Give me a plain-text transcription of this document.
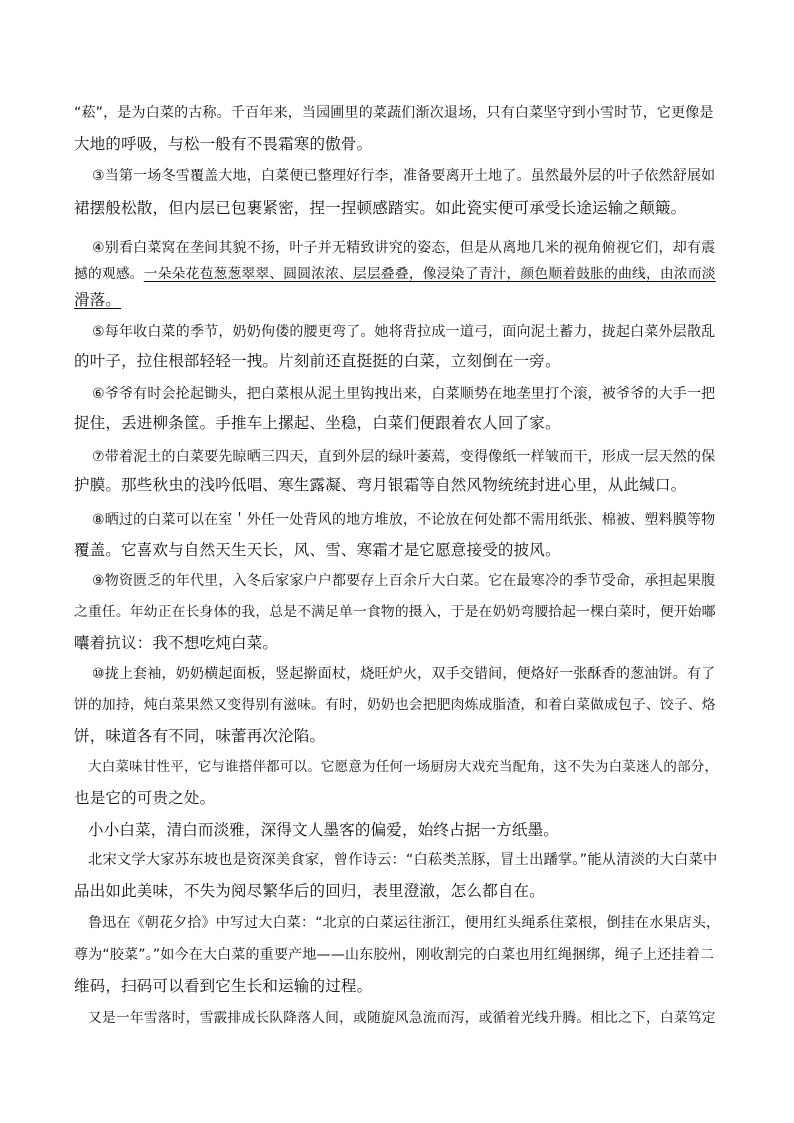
“菘”，是为白菜的古称。千百年来，当园圃里的菜蔬们渐次退场，只有白菜坚守到小雪时节，它更像是
大地的呼吸，与松一般有不畏霜寒的傲骨。
③当第一场冬雪覆盖大地，白菜便已整理好行李，准备要离开土地了。虽然最外层的叶子依然舒展如
裙摆般松散，但内层已包裹紧密，捏一捏顿感踏实。如此瓷实便可承受长途运输之颠簸。
④别看白菜窝在垄间其貌不扬，叶子并无精致讲究的姿态，但是从离地几米的视角俯视它们，却有震
撼的观感。一朵朵花苞葱葱翠翠、圆圆浓浓、层层叠叠，像浸染了青汁，颜色顺着鼓胀的曲线，由浓而淡
滑落。
⑤每年收白菜的季节，奶奶佝偻的腰更弯了。她将背拉成一道弓，面向泥土蓄力，拢起白菜外层散乱
的叶子，拉住根部轻轻一拽。片刻前还直挺挺的白菜，立刻倒在一旁。
⑥爷爷有时会抡起锄头，把白菜根从泥土里钩拽出来，白菜顺势在地垄里打个滚，被爷爷的大手一把
捉住，丢进柳条筐。手推车上摞起、坐稳，白菜们便跟着农人回了家。
⑦带着泥土的白菜要先晾晒三四天，直到外层的绿叶萎蔫，变得像纸一样皱而干，形成一层天然的保
护膜。那些秋虫的浅吟低唱、寒生露凝、弯月银霜等自然风物统统封进心里，从此缄口。
⑧晒过的白菜可以在室＇外任一处背风的地方堆放，不论放在何处都不需用纸张、棉被、塑料膜等物
覆盖。它喜欢与自然天生天长，风、雪、寒霜才是它愿意接受的披风。
⑨物资匮乏的年代里，入冬后家家户户都要存上百余斤大白菜。它在最寒冷的季节受命，承担起果腹
之重任。年幼正在长身体的我，总是不满足单一食物的摄入，于是在奶奶弯腰拾起一棵白菜时，便开始嘟
囔着抗议：我不想吃炖白菜。
⑩拢上套袖，奶奶横起面板，竖起擀面杖，烧旺炉火，双手交错间，便烙好一张酥香的葱油饼。有了
饼的加持，炖白菜果然又变得别有滋味。有时，奶奶也会把肥肉炼成脂渣，和着白菜做成包子、饺子、烙
饼，味道各有不同，味蕾再次沦陷。
大白菜味甘性平，它与谁搭伴都可以。它愿意为任何一场厨房大戏充当配角，这不失为白菜迷人的部分，
也是它的可贵之处。
小小白菜，清白而淡雅，深得文人墨客的偏爱，始终占据一方纸墨。
北宋文学大家苏东坡也是资深美食家，曾作诗云：“白菘类羔豚，冒土出蹯掌。”能从清淡的大白菜中
品出如此美味，不失为阅尽繁华后的回归，表里澄澈，怎么都自在。
鲁迅在《朝花夕拾》中写过大白菜：“北京的白菜运往浙江，便用红头绳系住菜根，倒挂在水果店头，
尊为“胶菜”。”如今在大白菜的重要产地——山东胶州，刚收割完的白菜也用红绳捆绑，绳子上还挂着二
维码，扫码可以看到它生长和运输的过程。
又是一年雪落时，雪霰排成长队降落人间，或随旋风急流而泻，或循着光线升腾。相比之下，白菜笃定
